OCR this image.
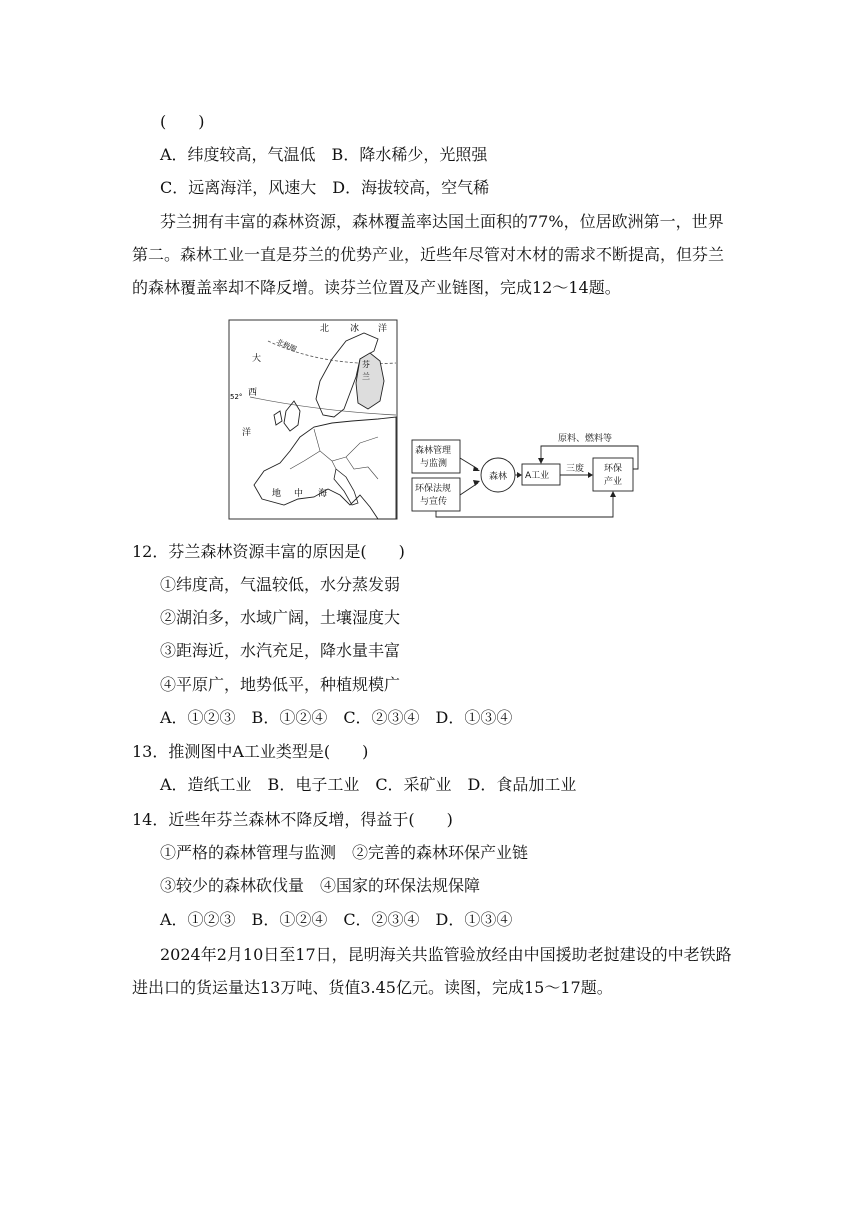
(　　)
A．纬度较高，气温低　B．降水稀少，光照强
C．远离海洋，风速大　D．海拔较高，空气稀
芬兰拥有丰富的森林资源，森林覆盖率达国土面积的77%，位居欧洲第一，世界第二。森林工业一直是芬兰的优势产业，近些年尽管对木材的需求不断提高，但芬兰的森林覆盖率却不降反增。读芬兰位置及产业链图，完成12～14题。
北 冰 洋
北极圈
大
西
洋
52°
芬
兰
地 中 海
森林管理
与监测
环保法规
与宣传
森林 A工业
三废 环保
产业
原料、燃料等
12．芬兰森林资源丰富的原因是(　　)
①纬度高，气温较低，水分蒸发弱
②湖泊多，水域广阔，土壤湿度大
③距海近，水汽充足，降水量丰富
④平原广，地势低平，种植规模广
A．①②③　B．①②④　C．②③④　D．①③④
13．推测图中A工业类型是(　　)
A．造纸工业　B．电子工业　C．采矿业　D．食品加工业
14．近些年芬兰森林不降反增，得益于(　　)
①严格的森林管理与监测　②完善的森林环保产业链
③较少的森林砍伐量　④国家的环保法规保障
A．①②③　B．①②④　C．②③④　D．①③④
2024年2月10日至17日，昆明海关共监管验放经由中国援助老挝建设的中老铁路进出口的货运量达13万吨、货值3.45亿元。读图，完成15～17题。
